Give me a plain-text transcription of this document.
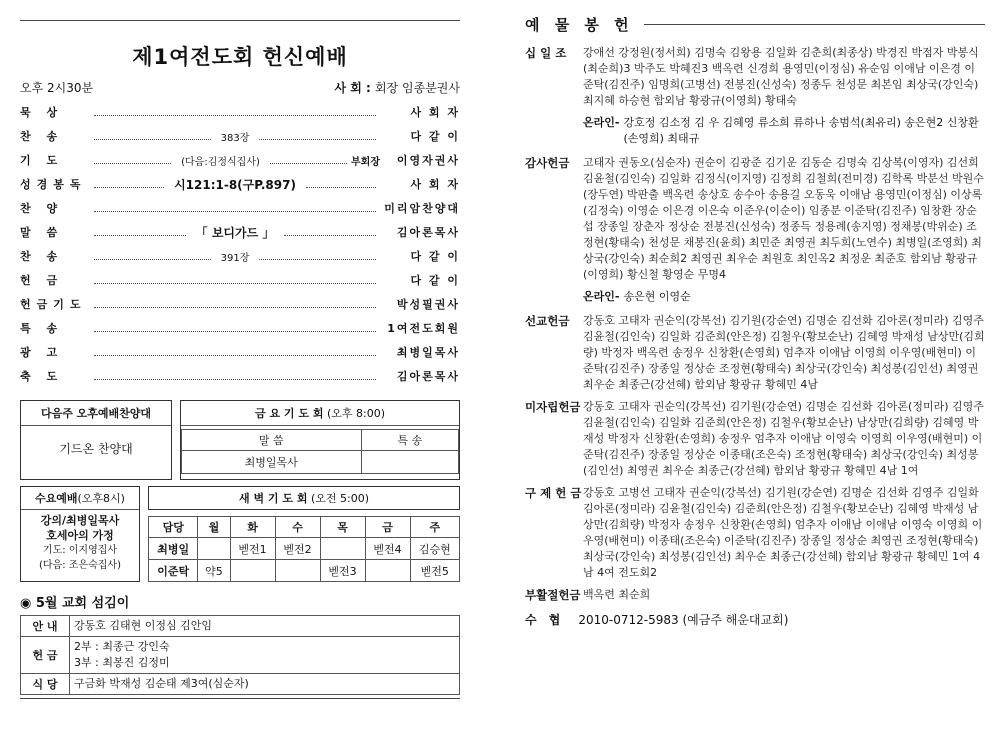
제1여전도회 헌신예배
오후 2시30분	사 회 : 회장 임종분권사
묵 상	사 회 자
찬 송	383장	다 같 이
기 도	(다음:김정식집사)	부회장	이영자권사
성경봉독	시121:1-8(구P.897)	사 회 자
찬 양	미리암찬양대
말 씀	「 보디가드 」	김아론목사
찬 송	391장	다 같 이
헌 금	다 같 이
헌금기도	박성필권사
특 송	1여전도회원
광 고	최병일목사
축 도	김아론목사
다음주 오후예배찬양대
기드온 찬양대
금 요 기 도 회 (오후 8:00)
말 씀	특 송
최병일목사	
수요예배(오후8시)
강의/최병일목사
호세아의 가정
기도: 이지영집사
(다음: 조은숙집사)
새 벽 기 도 회 (오전 5:00)
담당	월	화	수	목	금	주
최병일		벧전1	벧전2		벧전4	김승현
이준탁	약5			벧전3		벧전5
◉ 5월 교회 섬김이
안 내	강동호 김태현 이정심 김안임

헌 금	2부 : 최종근 강인숙
3부 : 최봉진 김정미

식 당	구금화 박재성 김순태 제3여(심순자)
예 물 봉 헌
십 일 조	강애선 강정원(정서희) 김명숙 김왕용 김일화 김춘희(최종상) 박경진 박점자 박봉식(최순희)3 박주도 박혜진3 백옥련 신경희 용영민(이정심) 유순임 이애남 이은경 이준탁(김진주) 임명희(고병선) 전봉진(신성숙) 정종두 천성문 최본임 최상국(강인숙) 최지혜 하승현 함외남 황광규(이영희) 황태숙
온라인- 강호정 김소정 김 우 김혜영 류소희 류하나 송범석(최유리) 송은현2 신창환(손영희) 최태규
감사헌금	고태자 권동오(심순자) 권순이 김광준 김기운 김동순 김명숙 김상복(이영자) 김선희 김윤철(김인숙) 김일화 김정식(이지영) 김정희 김철희(전미경) 김학록 박분선 박원수(장두연) 박판출 백옥련 송상호 송수아 송용길 오동욱 이애남 용영민(이정심) 이상록(김정숙) 이영순 이은경 이은숙 이준우(이순이) 임종분 이준탁(김진주) 임창환 장순섭 장종일 장춘자 정상순 전봉진(신성숙) 정종득 정용례(송지영) 정채봉(박위순) 조정현(황태숙) 천성문 채봉진(윤희) 최민준 최영권 최두희(노연수) 최병일(조영희) 최상국(강인숙) 최순희2 최영권 최우순 최원호 최인옥2 최정운 최준호 함외남 황광규(이영희) 황신철 황영순 무명4
온라인- 송은현 이영순
선교헌금	강동호 고태자 권순익(강복선) 김기원(강순연) 김명순 김선화 김아론(정미라) 김영주 김윤철(김인숙) 김일화 김준희(안은정) 김철우(황보순난) 김혜영 박재성 남상만(김희량) 박정자 백옥련 송정우 신창환(손영희) 엄추자 이애남 이영희 이우영(배현미) 이준탁(김진주) 장종일 정상순 조정현(황태숙) 최상국(강인숙) 최성봉(김인선) 최영권 최우순 최종근(강선혜) 함외남 황광규 황혜민 4남
미자립헌금 강동호 고태자 권순익(강복선) 김기원(강순연) 김명순 김선화 김아론(정미라) 김영주 김윤철(김인숙) 김일화 김준희(안은정) 김철우(황보순난) 남상만(김희량) 김혜영 박재성 박정자 신창환(손영희) 송정우 엄추자 이애남 이영숙 이영희 이우영(배현미) 이준탁(김진주) 장종일 정상순 이종태(조은숙) 조정현(황태숙) 최상국(강인숙) 최성봉(김인선) 최영권 최우순 최종근(강선혜) 함외남 황광규 황혜민 4남 1여
구 제 헌 금 강동호 고병선 고태자 권순익(강복선) 김기원(강순연) 김명순 김선화 김영주 김일화 김아론(정미라) 김윤철(김인숙) 김준희(안은정) 김철우(황보순난) 김혜영 박재성 남상만(김희량) 박정자 송정우 신창환(손영희) 엄추자 이애남 이애남 이영숙 이영희 이우영(배현미) 이종태(조은숙) 이준탁(김진주) 장종일 정상순 최영권 조정현(황태숙) 최상국(강인숙) 최성봉(김인선) 최우순 최종근(강선혜) 함외남 황광규 황혜민 1여 4남 4여 전도회2
부활절헌금 백옥련 최순희
수 협 2010-0712-5983 (예금주 해운대교회)
